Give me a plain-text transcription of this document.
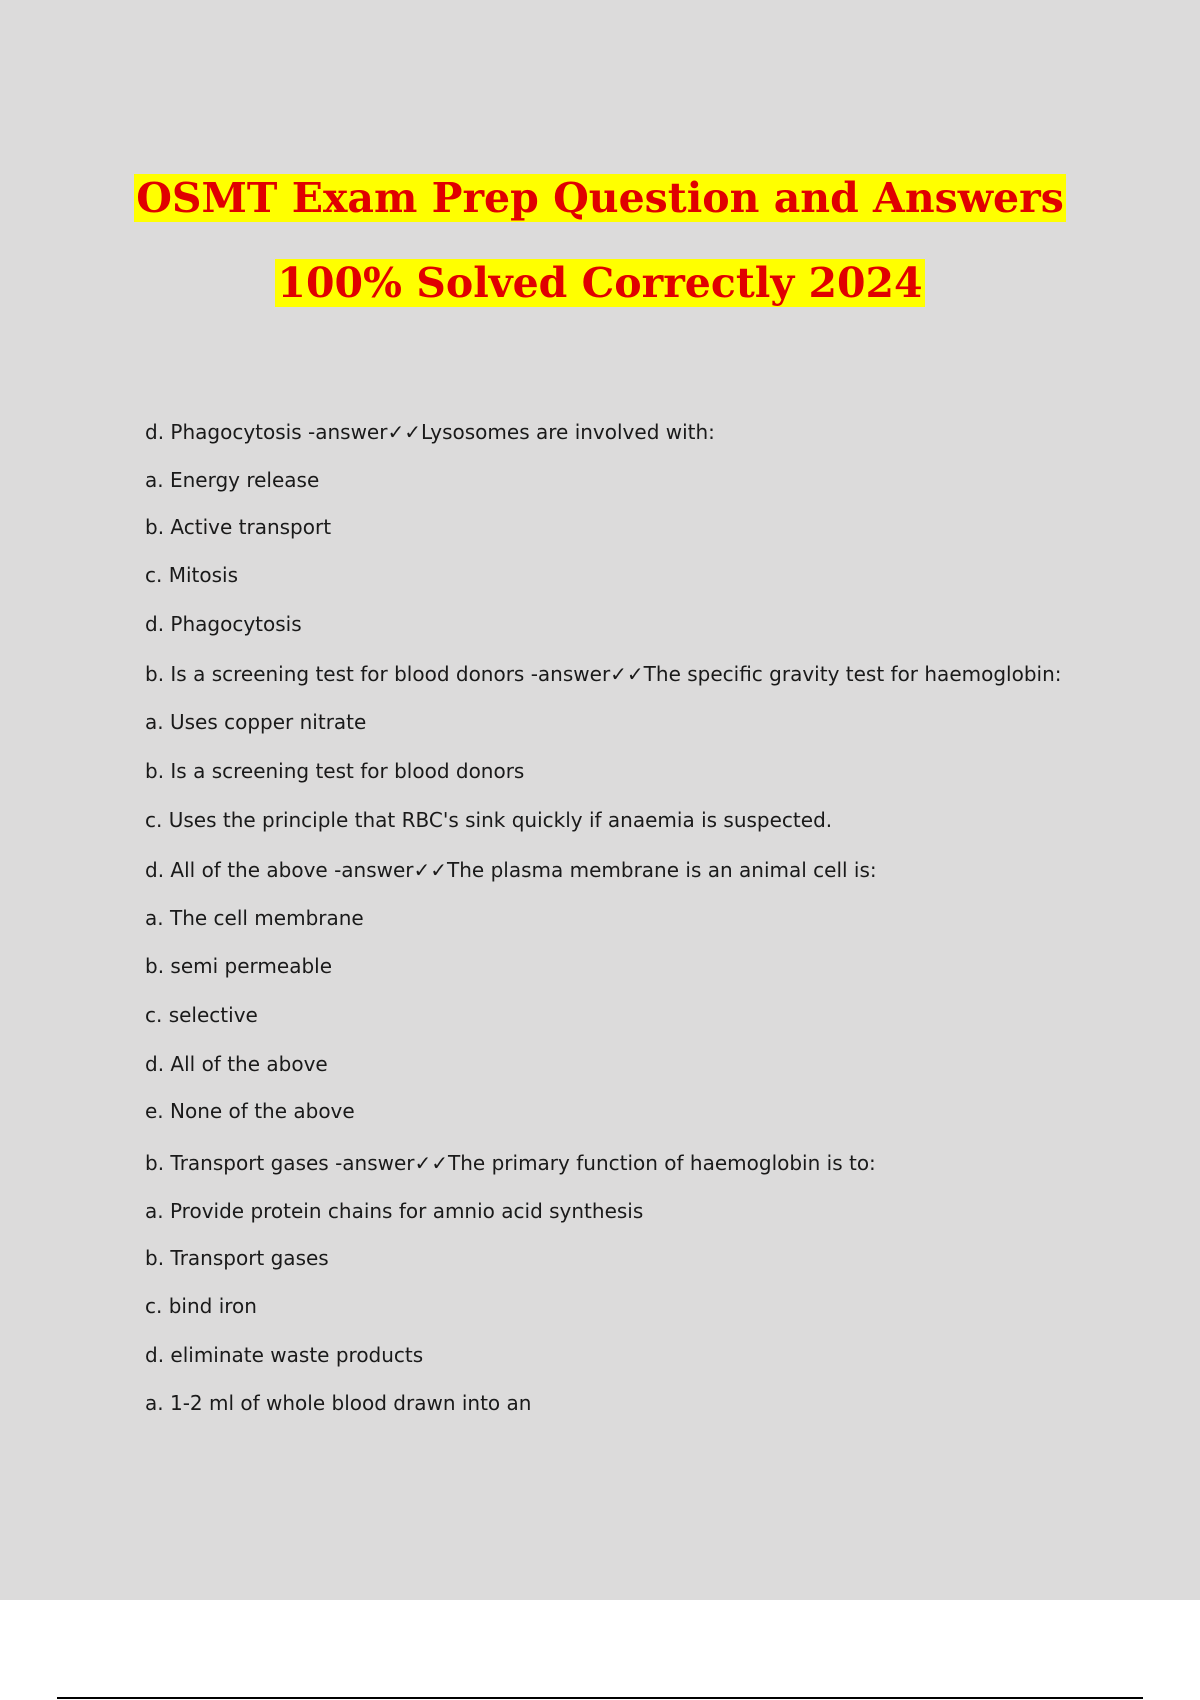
OSMT Exam Prep Question and Answers
100% Solved Correctly 2024
d. Phagocytosis -answer✓✓Lysosomes are involved with:
a. Energy release
b. Active transport
c. Mitosis
d. Phagocytosis
b. Is a screening test for blood donors -answer✓✓The specific gravity test for haemoglobin:
a. Uses copper nitrate
b. Is a screening test for blood donors
c. Uses the principle that RBC's sink quickly if anaemia is suspected.
d. All of the above -answer✓✓The plasma membrane is an animal cell is:
a. The cell membrane
b. semi permeable
c. selective
d. All of the above
e. None of the above
b. Transport gases -answer✓✓The primary function of haemoglobin is to:
a. Provide protein chains for amnio acid synthesis
b. Transport gases
c. bind iron
d. eliminate waste products
a. 1-2 ml of whole blood drawn into an
